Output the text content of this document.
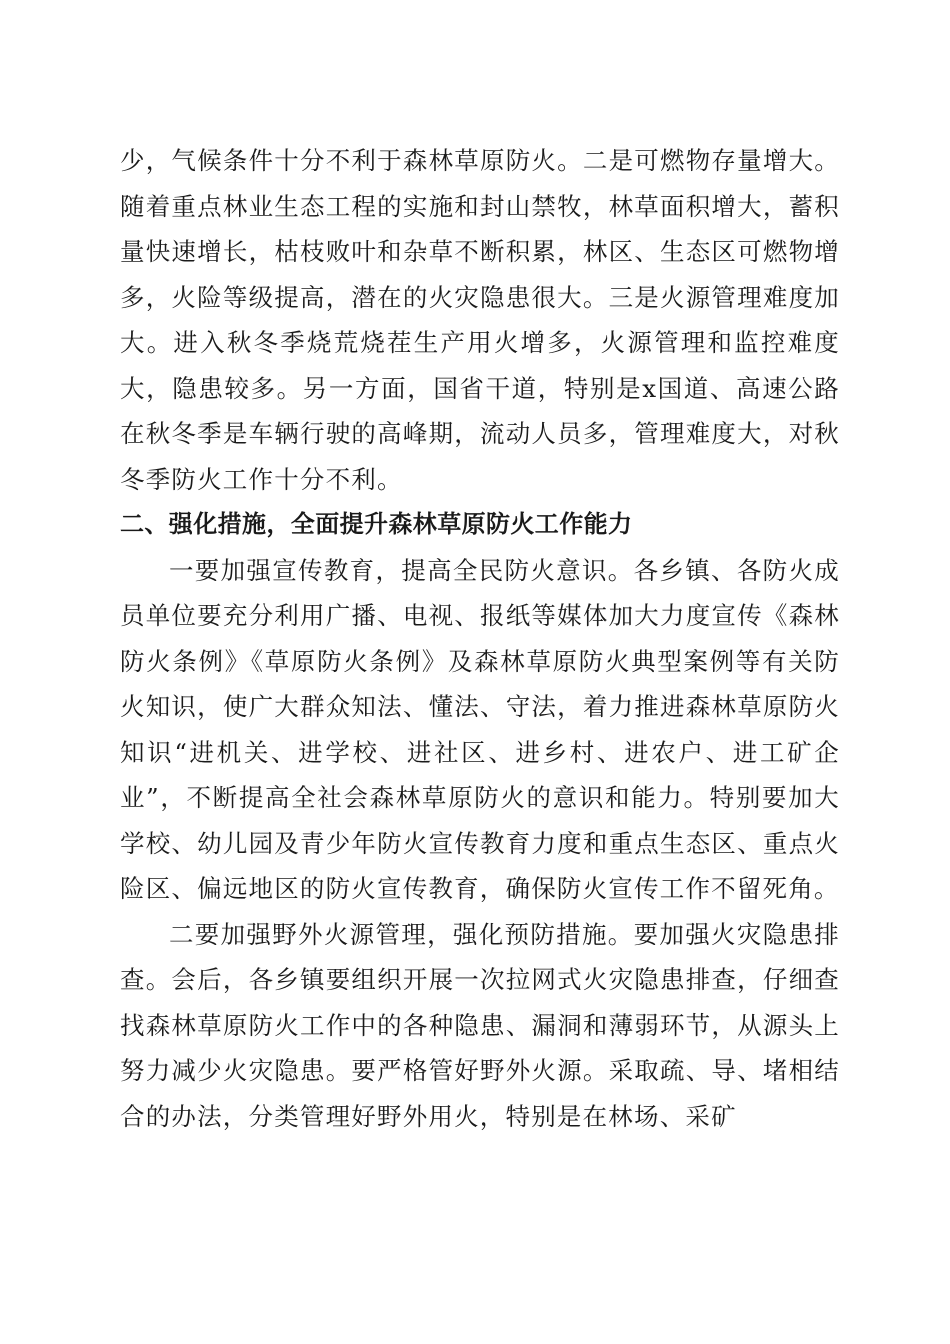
少，气候条件十分不利于森林草原防火。二是可燃物存量增大。随着重点林业生态工程的实施和封山禁牧，林草面积增大，蓄积量快速增长，枯枝败叶和杂草不断积累，林区、生态区可燃物增多，火险等级提高，潜在的火灾隐患很大。三是火源管理难度加大。进入秋冬季烧荒烧茬生产用火增多，火源管理和监控难度大，隐患较多。另一方面，国省干道，特别是x国道、高速公路在秋冬季是车辆行驶的高峰期，流动人员多，管理难度大，对秋冬季防火工作十分不利。

二、强化措施，全面提升森林草原防火工作能力

一要加强宣传教育，提高全民防火意识。各乡镇、各防火成员单位要充分利用广播、电视、报纸等媒体加大力度宣传《森林防火条例》《草原防火条例》及森林草原防火典型案例等有关防火知识，使广大群众知法、懂法、守法，着力推进森林草原防火知识“进机关、进学校、进社区、进乡村、进农户、进工矿企业”，不断提高全社会森林草原防火的意识和能力。特别要加大学校、幼儿园及青少年防火宣传教育力度和重点生态区、重点火险区、偏远地区的防火宣传教育，确保防火宣传工作不留死角。

二要加强野外火源管理，强化预防措施。要加强火灾隐患排查。会后，各乡镇要组织开展一次拉网式火灾隐患排查，仔细查找森林草原防火工作中的各种隐患、漏洞和薄弱环节，从源头上努力减少火灾隐患。要严格管好野外火源。采取疏、导、堵相结合的办法，分类管理好野外用火，特别是在林场、采矿
